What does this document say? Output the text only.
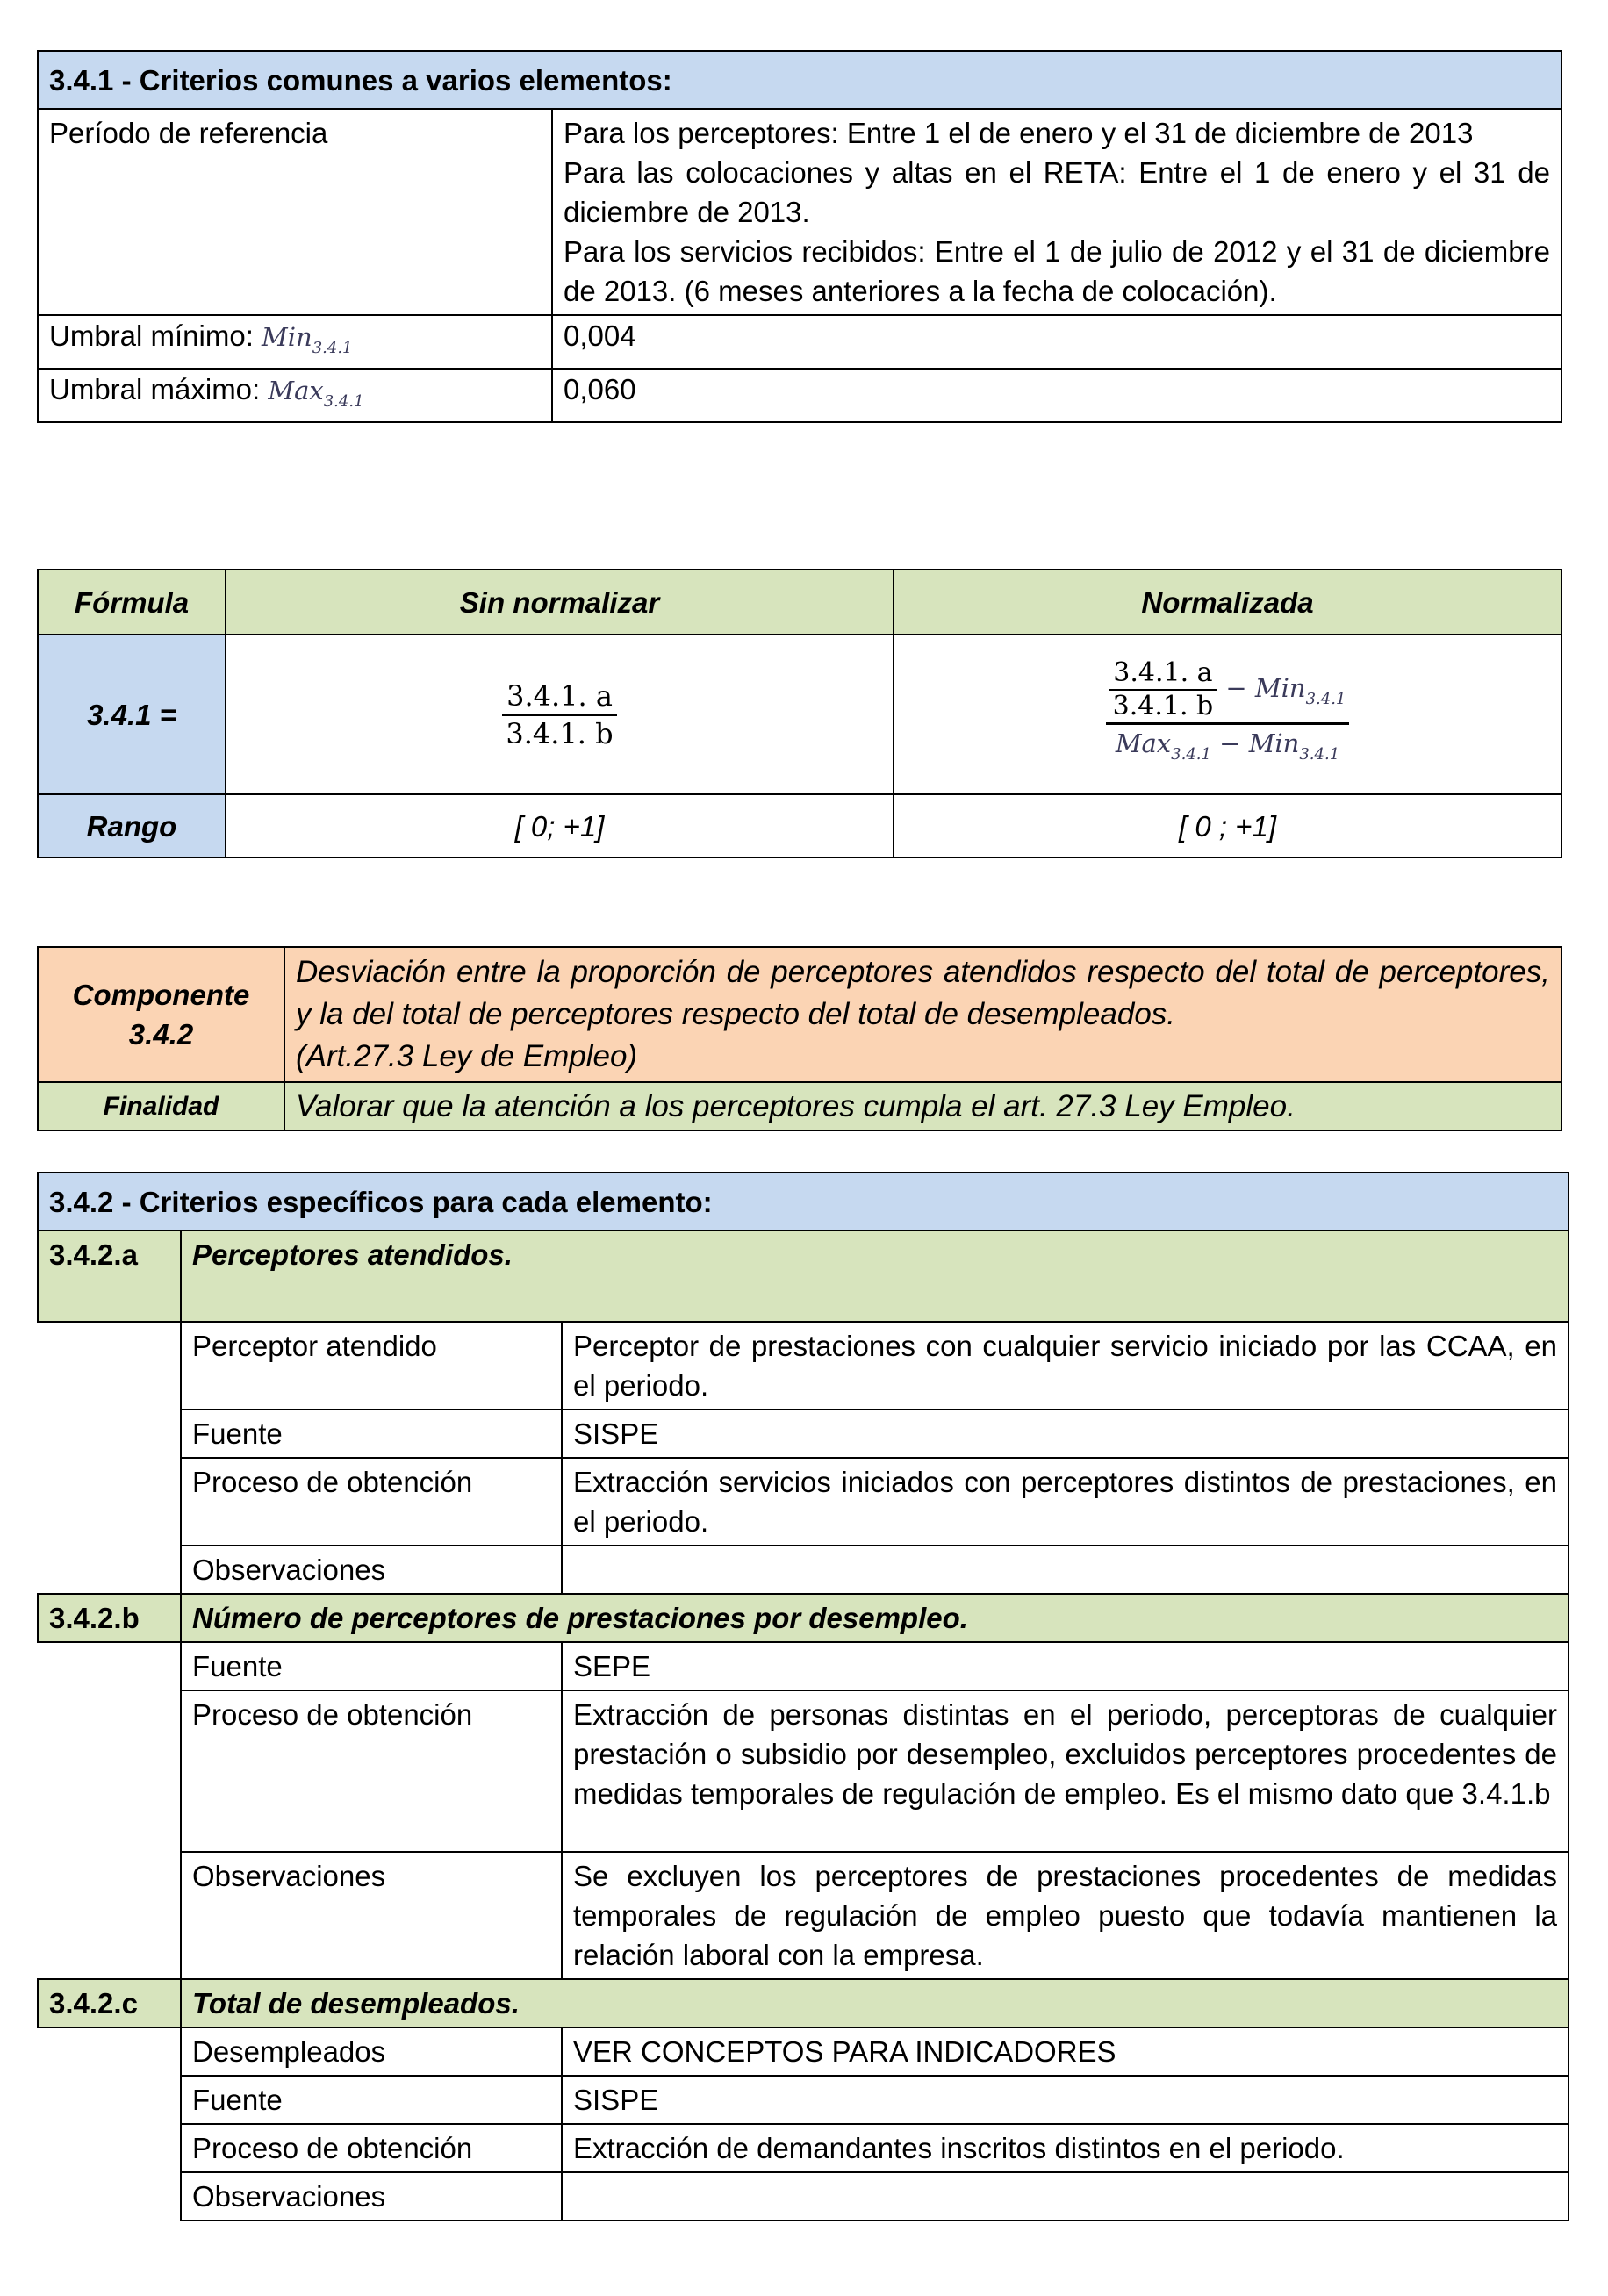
3.4.1 - Criterios comunes a varios elementos:	
Período de referencia	Para los perceptores: Entre 1 el de enero y el 31 de diciembre de 2013
Para las colocaciones y altas en el RETA: Entre el 1 de enero y el 31 de diciembre de 2013.
Para los servicios recibidos: Entre el 1 de julio de 2012 y el 31 de diciembre de 2013. (6 meses anteriores a la fecha de colocación).

Umbral mínimo: Min$_{3.4.1}$	0,004
Umbral máximo: Max$_{3.4.1}$	0,060
Fórmula	Sin normalizar	Normalizada
3.4.1 =	$\frac{3.4.1. a}{3.4.1. b}$	$\frac{3.4.1. a}{3.4.1. b} - Min_{3.4.1}$
Max$_{3.4.1}$ − Min$_{3.4.1}$

Rango	[ 0; +1]	[ 0 ; +1]
Componente 3.4.2	Desviación entre la proporción de perceptores atendidos respecto del total de perceptores, y la del total de perceptores respecto del total de desempleados.
(Art.27.3 Ley de Empleo)

Finalidad	Valorar que la atención a los perceptores cumpla el art. 27.3 Ley Empleo.
3.4.2 - Criterios específicos para cada elemento:		
3.4.2.a	Perceptores atendidos.	
	Perceptor atendido	Perceptor de prestaciones con cualquier servicio iniciado por las CCAA, en el periodo.
	Fuente	SISPE
	Proceso de obtención	Extracción servicios iniciados con perceptores distintos de prestaciones, en el periodo.
	Observaciones	
3.4.2.b	Número de perceptores de prestaciones por desempleo.	
	Fuente	SEPE
	Proceso de obtención	Extracción de personas distintas en el periodo, perceptoras de cualquier prestación o subsidio por desempleo, excluidos perceptores procedentes de medidas temporales de regulación de empleo. Es el mismo dato que 3.4.1.b
	Observaciones	Se excluyen los perceptores de prestaciones procedentes de medidas temporales de regulación de empleo puesto que todavía mantienen la relación laboral con la empresa.
3.4.2.c	Total de desempleados.	
	Desempleados	VER CONCEPTOS PARA INDICADORES
	Fuente	SISPE
	Proceso de obtención	Extracción de demandantes inscritos distintos en el periodo.
	Observaciones	
